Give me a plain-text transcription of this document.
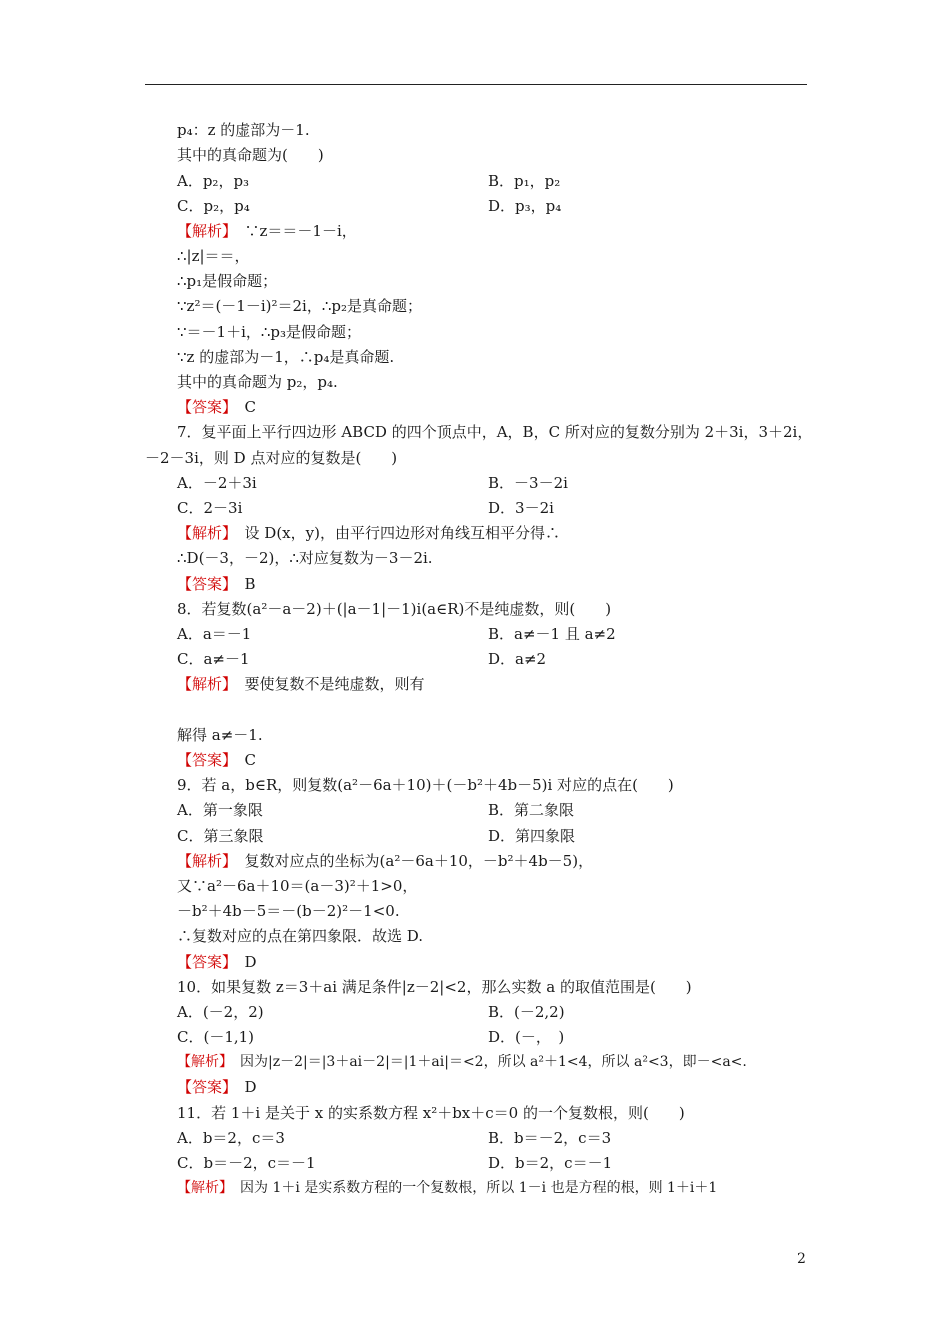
p₄：z 的虚部为－1.
其中的真命题为(　　)
A．p₂，p₃	B．p₁，p₂
C．p₂，p₄	D．p₃，p₄
【解析】　 ∵z＝＝－1－i，
∴|z|＝＝，
∴p₁是假命题；
∵z²＝(－1－i)²＝2i，∴p₂是真命题；
∵＝－1＋i，∴p₃是假命题；
∵z 的虚部为－1，∴p₄是真命题.
其中的真命题为 p₂，p₄.
【答案】　 C
7．复平面上平行四边形 ABCD 的四个顶点中，A，B，C 所对应的复数分别为 2＋3i，3＋2i，
－2－3i，则 D 点对应的复数是(　　)
A．－2＋3i	B．－3－2i
C．2－3i	D．3－2i
【解析】　 设 D(x，y)，由平行四边形对角线互相平分得∴
∴D(－3，－2)，∴对应复数为－3－2i.
【答案】　 B
8．若复数(a²－a－2)＋(|a－1|－1)i(a∈R)不是纯虚数，则(　　)
A．a＝－1	B．a≠－1 且 a≠2
C．a≠－1	D．a≠2
【解析】　 要使复数不是纯虚数，则有
解得 a≠－1.
【答案】　 C
9．若 a，b∈R，则复数(a²－6a＋10)＋(－b²＋4b－5)i 对应的点在(　　)
A．第一象限	B．第二象限
C．第三象限	D．第四象限
【解析】　 复数对应点的坐标为(a²－6a＋10，－b²＋4b－5)，
又∵a²－6a＋10＝(a－3)²＋1>0，
－b²＋4b－5＝－(b－2)²－1<0.
∴复数对应的点在第四象限．故选 D.
【答案】　 D
10．如果复数 z＝3＋ai 满足条件|z－2|<2，那么实数 a 的取值范围是(　　)
A．(－2，2)	B．(－2,2)
C．(－1,1)	D．(－，　)
【解析】　 因为|z－2|＝|3＋ai－2|＝|1＋ai|＝<2，所以 a²＋1<4，所以 a²<3，即－<a<.
【答案】　 D
11．若 1＋i 是关于 x 的实系数方程 x²＋bx＋c＝0 的一个复数根，则(　　)
A．b＝2，c＝3	B．b＝－2，c＝3
C．b＝－2，c＝－1	D．b＝2，c＝－1
【解析】　 因为 1＋i 是实系数方程的一个复数根，所以 1－i 也是方程的根，则 1＋i＋1
2
